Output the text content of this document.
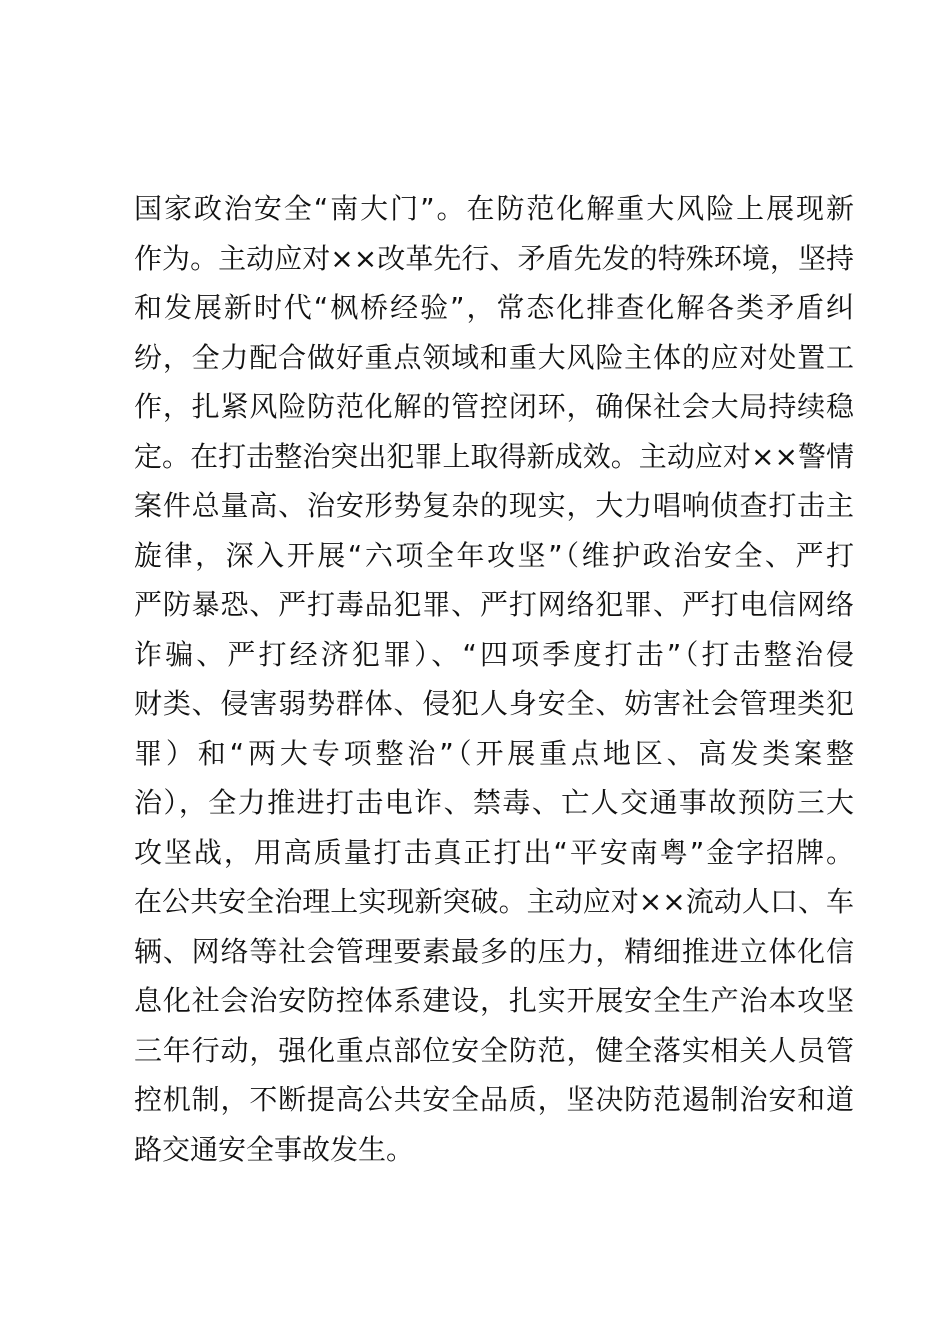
国家政治安全“南大门”。在防范化解重大风险上展现新
作为。主动应对××改革先行、矛盾先发的特殊环境，坚持
和发展新时代“枫桥经验”，常态化排查化解各类矛盾纠
纷，全力配合做好重点领域和重大风险主体的应对处置工
作，扎紧风险防范化解的管控闭环，确保社会大局持续稳
定。在打击整治突出犯罪上取得新成效。主动应对××警情
案件总量高、治安形势复杂的现实，大力唱响侦查打击主
旋律，深入开展“六项全年攻坚”（维护政治安全、严打
严防暴恐、严打毒品犯罪、严打网络犯罪、严打电信网络
诈骗、严打经济犯罪）、“四项季度打击”（打击整治侵
财类、侵害弱势群体、侵犯人身安全、妨害社会管理类犯
罪）和“两大专项整治”（开展重点地区、高发类案整
治），全力推进打击电诈、禁毒、亡人交通事故预防三大
攻坚战，用高质量打击真正打出“平安南粤”金字招牌。
在公共安全治理上实现新突破。主动应对××流动人口、车
辆、网络等社会管理要素最多的压力，精细推进立体化信
息化社会治安防控体系建设，扎实开展安全生产治本攻坚
三年行动，强化重点部位安全防范，健全落实相关人员管
控机制，不断提高公共安全品质，坚决防范遏制治安和道
路交通安全事故发生。
